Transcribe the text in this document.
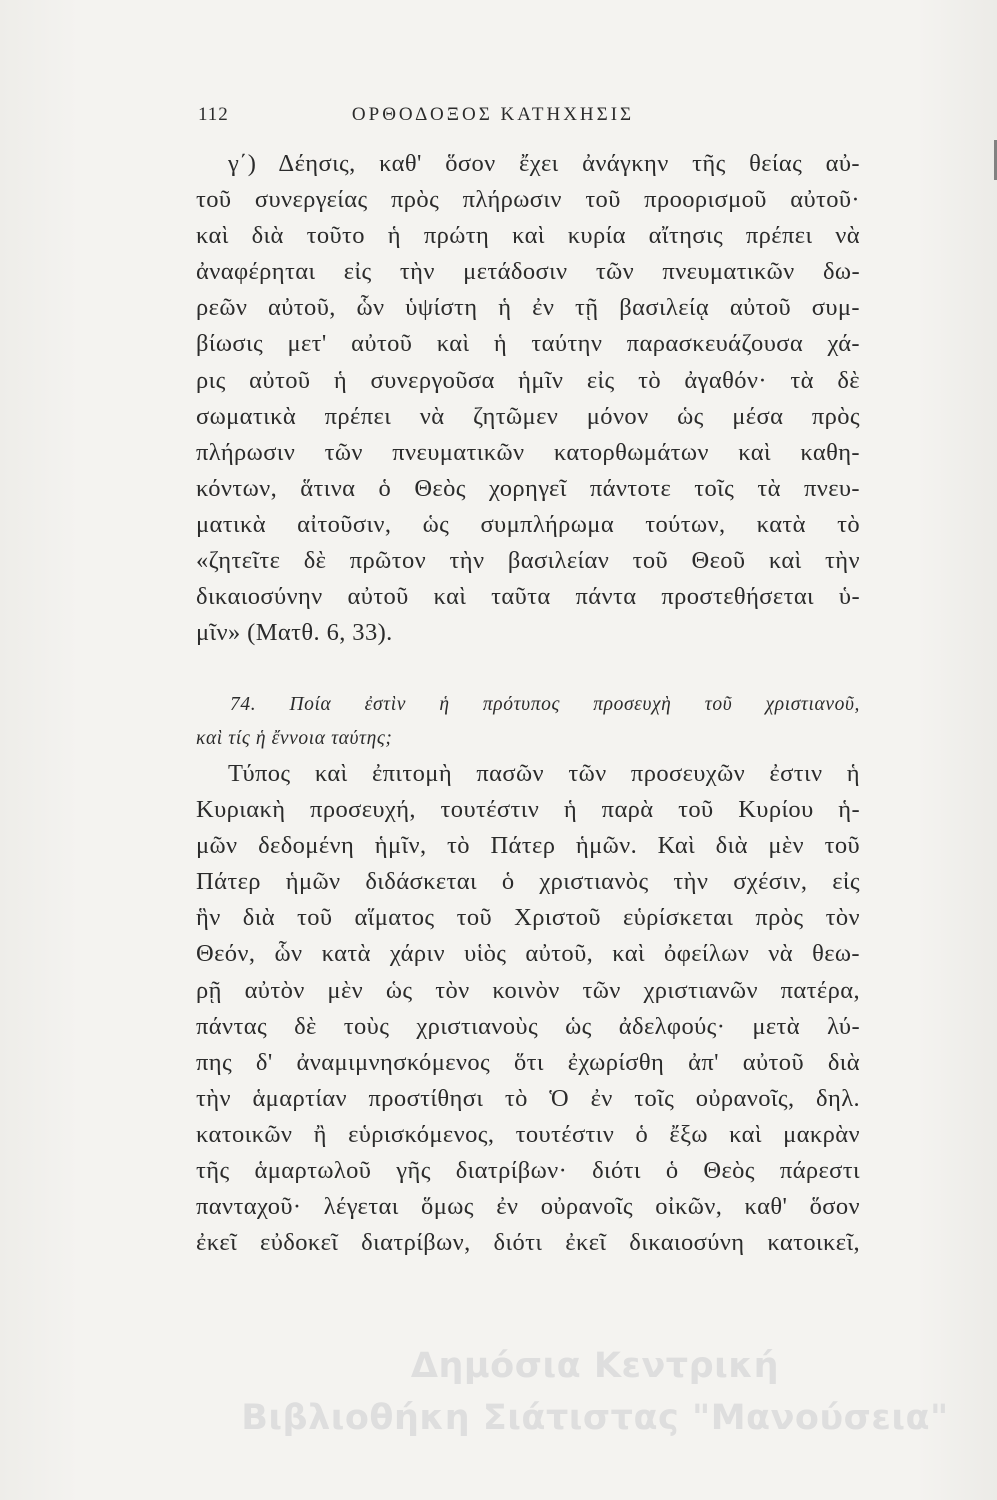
112	ΟΡΘΟΔΟΞΟΣ ΚΑΤΗΧΗΣΙΣ
γ΄) Δέησις, καθ' ὅσον ἔχει ἀνάγκην τῆς θείας αὐ-
τοῦ συνεργείας πρὸς πλήρωσιν τοῦ προορισμοῦ αὐτοῦ·
καὶ διὰ τοῦτο ἡ πρώτη καὶ κυρία αἴτησις πρέπει νὰ
ἀναφέρηται εἰς τὴν μετάδοσιν τῶν πνευματικῶν δω-
ρεῶν αὐτοῦ, ὧν ὑψίστη ἡ ἐν τῇ βασιλείᾳ αὐτοῦ συμ-
βίωσις μετ' αὐτοῦ καὶ ἡ ταύτην παρασκευάζουσα χά-
ρις αὐτοῦ ἡ συνεργοῦσα ἡμῖν εἰς τὸ ἀγαθόν· τὰ δὲ
σωματικὰ πρέπει νὰ ζητῶμεν μόνον ὡς μέσα πρὸς
πλήρωσιν τῶν πνευματικῶν κατορθωμάτων καὶ καθη-
κόντων, ἅτινα ὁ Θεὸς χορηγεῖ πάντοτε τοῖς τὰ πνευ-
ματικὰ αἰτοῦσιν, ὡς συμπλήρωμα τούτων, κατὰ τὸ
«ζητεῖτε δὲ πρῶτον τὴν βασιλείαν τοῦ Θεοῦ καὶ τὴν
δικαιοσύνην αὐτοῦ καὶ ταῦτα πάντα προστεθήσεται ὑ-
μῖν» (Ματθ. 6, 33).
74. Ποία ἐστὶν ἡ πρότυπος προσευχὴ τοῦ χριστιανοῦ,
καὶ τίς ἡ ἔννοια ταύτης;
Τύπος καὶ ἐπιτομὴ πασῶν τῶν προσευχῶν ἐστιν ἡ
Κυριακὴ προσευχή, τουτέστιν ἡ παρὰ τοῦ Κυρίου ἡ-
μῶν δεδομένη ἡμῖν, τὸ Πάτερ ἡμῶν. Καὶ διὰ μὲν τοῦ
Πάτερ ἡμῶν διδάσκεται ὁ χριστιανὸς τὴν σχέσιν, εἰς
ἣν διὰ τοῦ αἵματος τοῦ Χριστοῦ εὑρίσκεται πρὸς τὸν
Θεόν, ὧν κατὰ χάριν υἱὸς αὐτοῦ, καὶ ὀφείλων νὰ θεω-
ρῇ αὐτὸν μὲν ὡς τὸν κοινὸν τῶν χριστιανῶν πατέρα,
πάντας δὲ τοὺς χριστιανοὺς ὡς ἀδελφούς· μετὰ λύ-
πης δ' ἀναμιμνησκόμενος ὅτι ἐχωρίσθη ἀπ' αὐτοῦ διὰ
τὴν ἁμαρτίαν προστίθησι τὸ Ὁ ἐν τοῖς οὐρανοῖς, δηλ.
κατοικῶν ἢ εὑρισκόμενος, τουτέστιν ὁ ἔξω καὶ μακρὰν
τῆς ἁμαρτωλοῦ γῆς διατρίβων· διότι ὁ Θεὸς πάρεστι
πανταχοῦ· λέγεται ὅμως ἐν οὐρανοῖς οἰκῶν, καθ' ὅσον
ἐκεῖ εὐδοκεῖ διατρίβων, διότι ἐκεῖ δικαιοσύνη κατοικεῖ,
Δημόσια Κεντρική
Βιβλιοθήκη Σιάτιστας "Μανούσεια"
